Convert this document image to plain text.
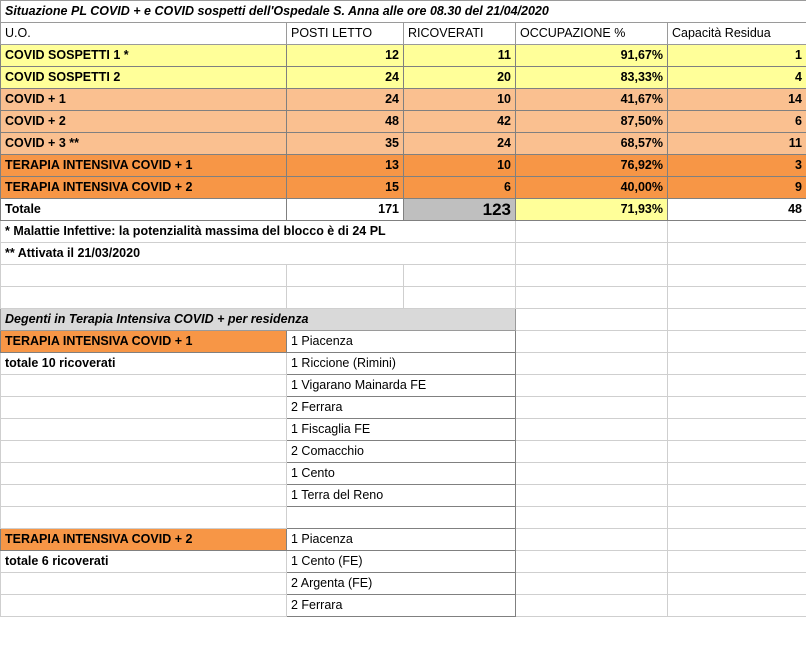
Situazione PL COVID + e COVID sospetti dell'Ospedale S. Anna alle ore 08.30 del 21/04/2020				
U.O.	POSTI LETTO	RICOVERATI	OCCUPAZIONE %	Capacità Residua
COVID SOSPETTI 1 *	12	11	91,67%	1
COVID SOSPETTI 2	24	20	83,33%	4
COVID + 1	24	10	41,67%	14
COVID + 2	48	42	87,50%	6
COVID + 3 **	35	24	68,57%	11
TERAPIA INTENSIVA COVID + 1	13	10	76,92%	3
TERAPIA INTENSIVA COVID + 2	15	6	40,00%	9
Totale	171	123	71,93%	48
* Malattie Infettive: la potenzialità massima del blocco è di 24 PL				
** Attivata il 21/03/2020				

Degenti in Terapia Intensiva COVID + per residenza				
TERAPIA INTENSIVA COVID + 1	1 Piacenza			
totale 10 ricoverati	1 Riccione (Rimini)			
	1 Vigarano Mainarda FE			
	2 Ferrara			
	1 Fiscaglia FE			
	2 Comacchio			
	1 Cento			
	1 Terra del Reno			

TERAPIA INTENSIVA COVID + 2	1 Piacenza			
totale 6 ricoverati	1 Cento (FE)			
	2 Argenta (FE)			
	2 Ferrara			
